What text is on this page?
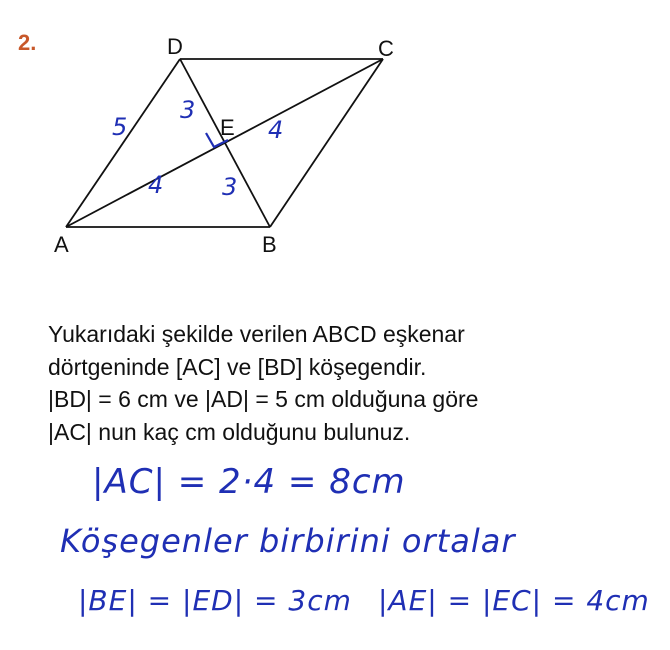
2.	D	C
E
A	B
5
3
4
4 3
Yukarıdaki şekilde verilen ABCD eşkenar
dörtgeninde [AC] ve [BD] köşegendir.
|BD| = 6 cm ve |AD| = 5 cm olduğuna göre
|AC| nun kaç cm olduğunu bulunuz.
|AC| = 2·4 = 8cm
Köşegenler birbirini ortalar
|BE| = |ED| = 3cm |AE| = |EC| = 4cm
